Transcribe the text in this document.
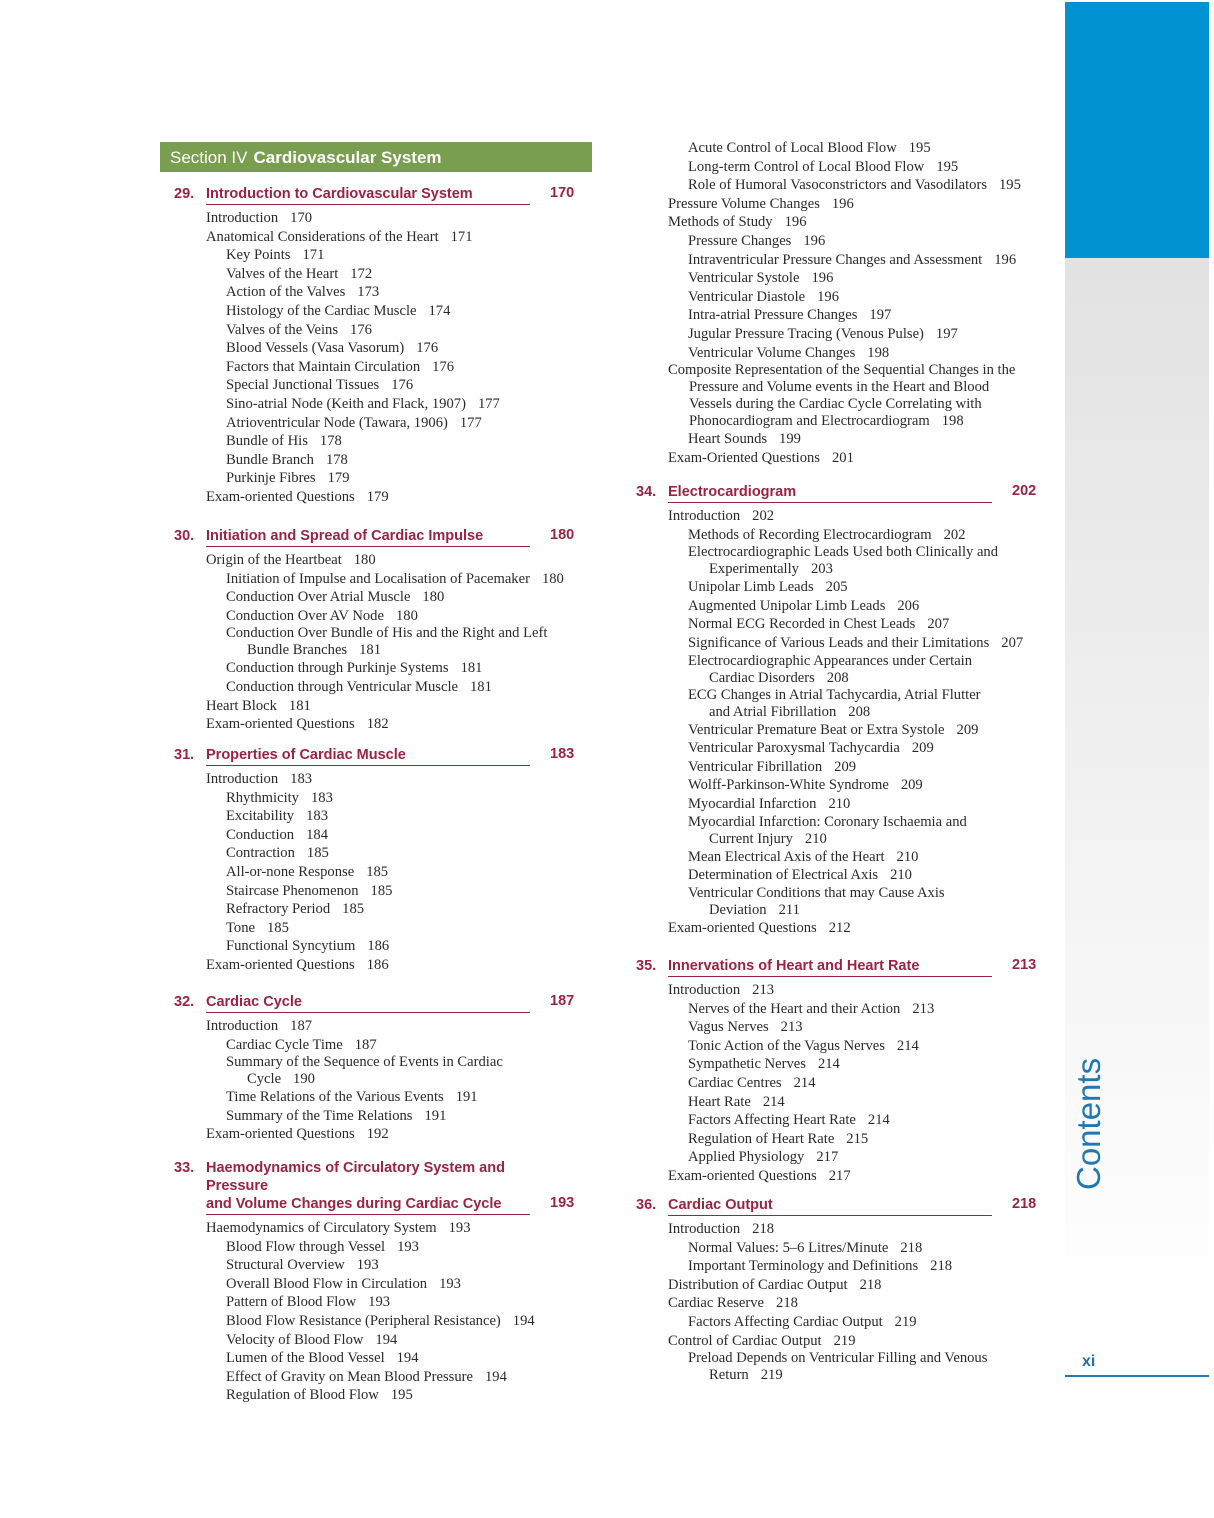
Contents
xi
Section IV Cardiovascular System
29. Introduction to Cardiovascular System	170
Introduction 170
Anatomical Considerations of the Heart 171
Key Points 171
Valves of the Heart 172
Action of the Valves 173
Histology of the Cardiac Muscle 174
Valves of the Veins 176
Blood Vessels (Vasa Vasorum) 176
Factors that Maintain Circulation 176
Special Junctional Tissues 176
Sino-atrial Node (Keith and Flack, 1907) 177
Atrioventricular Node (Tawara, 1906) 177
Bundle of His 178
Bundle Branch 178
Purkinje Fibres 179
Exam-oriented Questions 179
30. Initiation and Spread of Cardiac Impulse	180
Origin of the Heartbeat 180
Initiation of Impulse and Localisation of Pacemaker 180
Conduction Over Atrial Muscle 180
Conduction Over AV Node 180
Conduction Over Bundle of His and the Right and Left
Bundle Branches 181
Conduction through Purkinje Systems 181
Conduction through Ventricular Muscle 181
Heart Block 181
Exam-oriented Questions 182
31. Properties of Cardiac Muscle	183
Introduction 183
Rhythmicity 183
Excitability 183
Conduction 184
Contraction 185
All-or-none Response 185
Staircase Phenomenon 185
Refractory Period 185
Tone 185
Functional Syncytium 186
Exam-oriented Questions 186
32. Cardiac Cycle	187
Introduction 187
Cardiac Cycle Time 187
Summary of the Sequence of Events in Cardiac
Cycle 190
Time Relations of the Various Events 191
Summary of the Time Relations 191
Exam-oriented Questions 192
33. Haemodynamics of Circulatory System and Pressure
and Volume Changes during Cardiac Cycle	193
Haemodynamics of Circulatory System 193
Blood Flow through Vessel 193
Structural Overview 193
Overall Blood Flow in Circulation 193
Pattern of Blood Flow 193
Blood Flow Resistance (Peripheral Resistance) 194
Velocity of Blood Flow 194
Lumen of the Blood Vessel 194
Effect of Gravity on Mean Blood Pressure 194
Regulation of Blood Flow 195
Acute Control of Local Blood Flow 195
Long-term Control of Local Blood Flow 195
Role of Humoral Vasoconstrictors and Vasodilators 195
Pressure Volume Changes 196
Methods of Study 196
Pressure Changes 196
Intraventricular Pressure Changes and Assessment 196
Ventricular Systole 196
Ventricular Diastole 196
Intra-atrial Pressure Changes 197
Jugular Pressure Tracing (Venous Pulse) 197
Ventricular Volume Changes 198
Composite Representation of the Sequential Changes in the
Pressure and Volume events in the Heart and Blood
Vessels during the Cardiac Cycle Correlating with
Phonocardiogram and Electrocardiogram 198
Heart Sounds 199
Exam-Oriented Questions 201
34. Electrocardiogram	202
Introduction 202
Methods of Recording Electrocardiogram 202
Electrocardiographic Leads Used both Clinically and
Experimentally 203
Unipolar Limb Leads 205
Augmented Unipolar Limb Leads 206
Normal ECG Recorded in Chest Leads 207
Significance of Various Leads and their Limitations 207
Electrocardiographic Appearances under Certain
Cardiac Disorders 208
ECG Changes in Atrial Tachycardia, Atrial Flutter
and Atrial Fibrillation 208
Ventricular Premature Beat or Extra Systole 209
Ventricular Paroxysmal Tachycardia 209
Ventricular Fibrillation 209
Wolff-Parkinson-White Syndrome 209
Myocardial Infarction 210
Myocardial Infarction: Coronary Ischaemia and
Current Injury 210
Mean Electrical Axis of the Heart 210
Determination of Electrical Axis 210
Ventricular Conditions that may Cause Axis
Deviation 211
Exam-oriented Questions 212
35. Innervations of Heart and Heart Rate	213
Introduction 213
Nerves of the Heart and their Action 213
Vagus Nerves 213
Tonic Action of the Vagus Nerves 214
Sympathetic Nerves 214
Cardiac Centres 214
Heart Rate 214
Factors Affecting Heart Rate 214
Regulation of Heart Rate 215
Applied Physiology 217
Exam-oriented Questions 217
36. Cardiac Output	218
Introduction 218
Normal Values: 5–6 Litres/Minute 218
Important Terminology and Definitions 218
Distribution of Cardiac Output 218
Cardiac Reserve 218
Factors Affecting Cardiac Output 219
Control of Cardiac Output 219
Preload Depends on Ventricular Filling and Venous
Return 219
